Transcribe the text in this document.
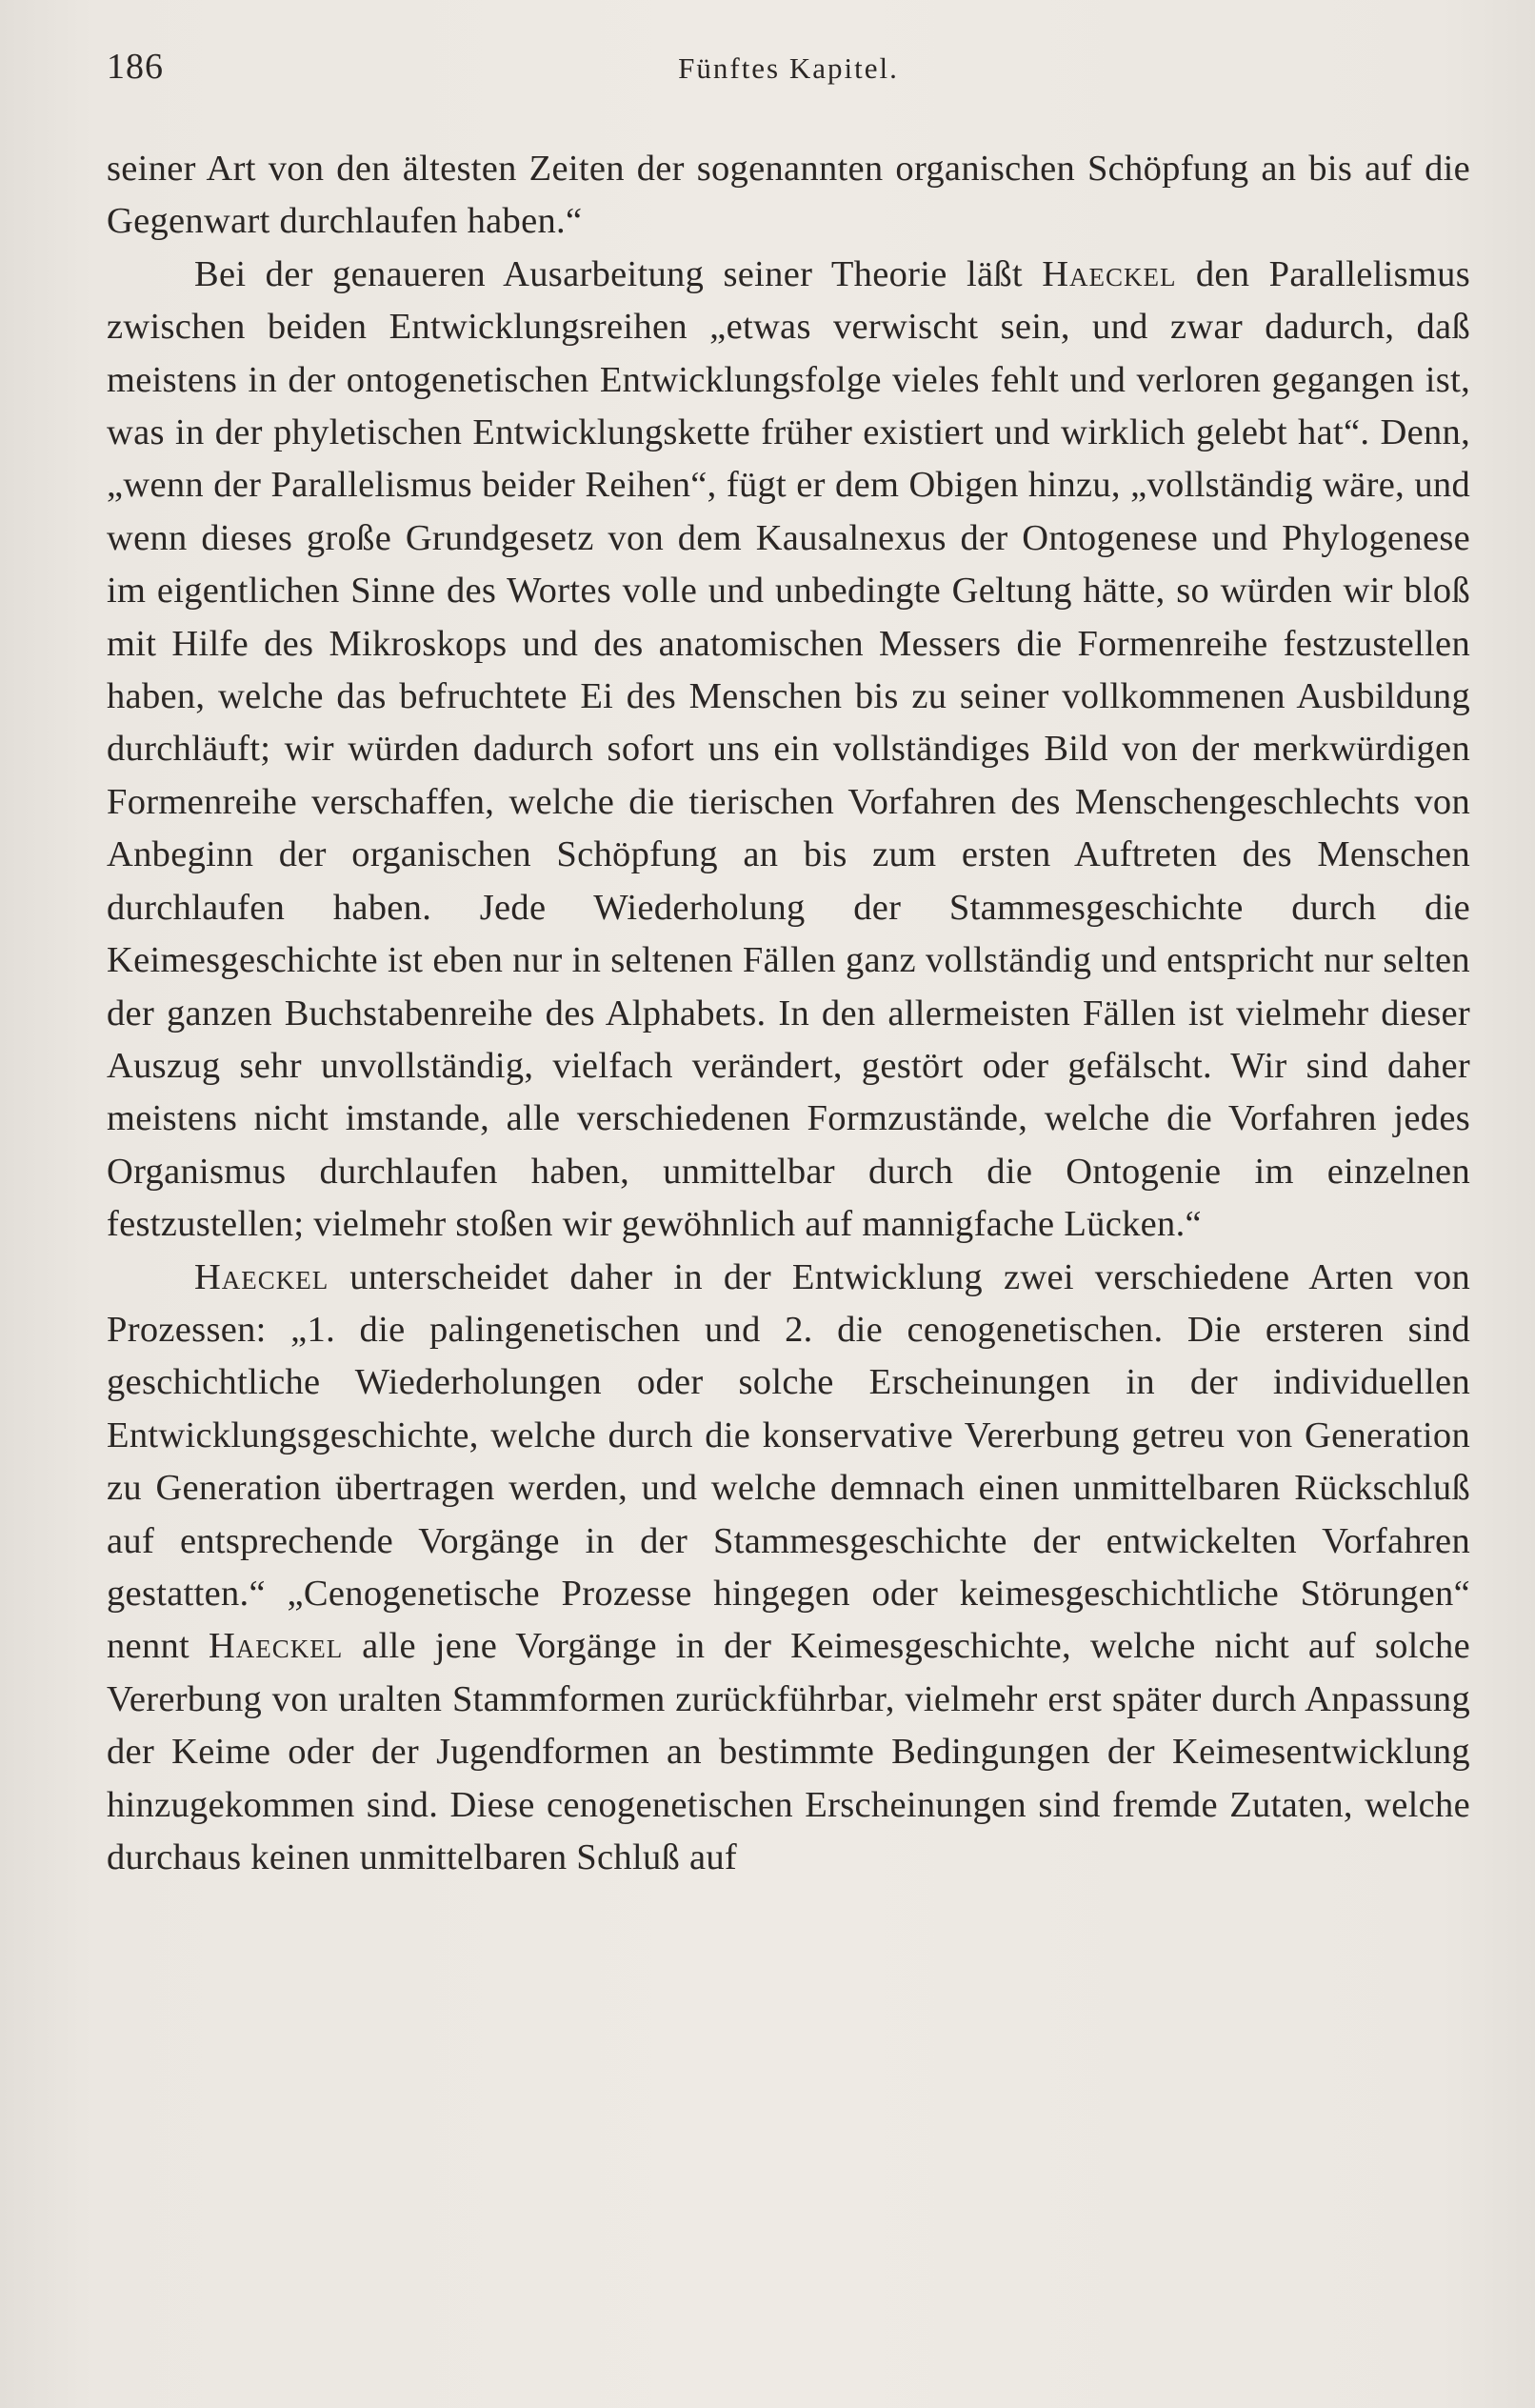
186	Fünftes Kapitel.

seiner Art von den ältesten Zeiten der sogenannten organischen Schöpfung an bis auf die Gegenwart durchlaufen haben.“

Bei der genaueren Ausarbeitung seiner Theorie läßt Haeckel den Parallelismus zwischen beiden Entwicklungsreihen „etwas verwischt sein, und zwar dadurch, daß meistens in der ontogenetischen Entwicklungsfolge vieles fehlt und verloren gegangen ist, was in der phyletischen Entwicklungskette früher existiert und wirklich gelebt hat“. Denn, „wenn der Parallelismus beider Reihen“, fügt er dem Obigen hinzu, „vollständig wäre, und wenn dieses große Grundgesetz von dem Kausalnexus der Ontogenese und Phylogenese im eigentlichen Sinne des Wortes volle und unbedingte Geltung hätte, so würden wir bloß mit Hilfe des Mikroskops und des anatomischen Messers die Formenreihe festzustellen haben, welche das befruchtete Ei des Menschen bis zu seiner vollkommenen Ausbildung durchläuft; wir würden dadurch sofort uns ein vollständiges Bild von der merkwürdigen Formenreihe verschaffen, welche die tierischen Vorfahren des Menschengeschlechts von Anbeginn der organischen Schöpfung an bis zum ersten Auftreten des Menschen durchlaufen haben. Jede Wiederholung der Stammesgeschichte durch die Keimesgeschichte ist eben nur in seltenen Fällen ganz vollständig und entspricht nur selten der ganzen Buchstabenreihe des Alphabets. In den allermeisten Fällen ist vielmehr dieser Auszug sehr unvollständig, vielfach verändert, gestört oder gefälscht. Wir sind daher meistens nicht imstande, alle verschiedenen Formzustände, welche die Vorfahren jedes Organismus durchlaufen haben, unmittelbar durch die Ontogenie im einzelnen festzustellen; vielmehr stoßen wir gewöhnlich auf mannigfache Lücken.“

Haeckel unterscheidet daher in der Entwicklung zwei verschiedene Arten von Prozessen: „1. die palingenetischen und 2. die cenogenetischen. Die ersteren sind geschichtliche Wiederholungen oder solche Erscheinungen in der individuellen Entwicklungsgeschichte, welche durch die konservative Vererbung getreu von Generation zu Generation übertragen werden, und welche demnach einen unmittelbaren Rückschluß auf entsprechende Vorgänge in der Stammesgeschichte der entwickelten Vorfahren gestatten.“ „Cenogenetische Prozesse hingegen oder keimesgeschichtliche Störungen“ nennt Haeckel alle jene Vorgänge in der Keimesgeschichte, welche nicht auf solche Vererbung von uralten Stammformen zurückführbar, vielmehr erst später durch Anpassung der Keime oder der Jugendformen an bestimmte Bedingungen der Keimesentwicklung hinzugekommen sind. Diese cenogenetischen Erscheinungen sind fremde Zutaten, welche durchaus keinen unmittelbaren Schluß auf
